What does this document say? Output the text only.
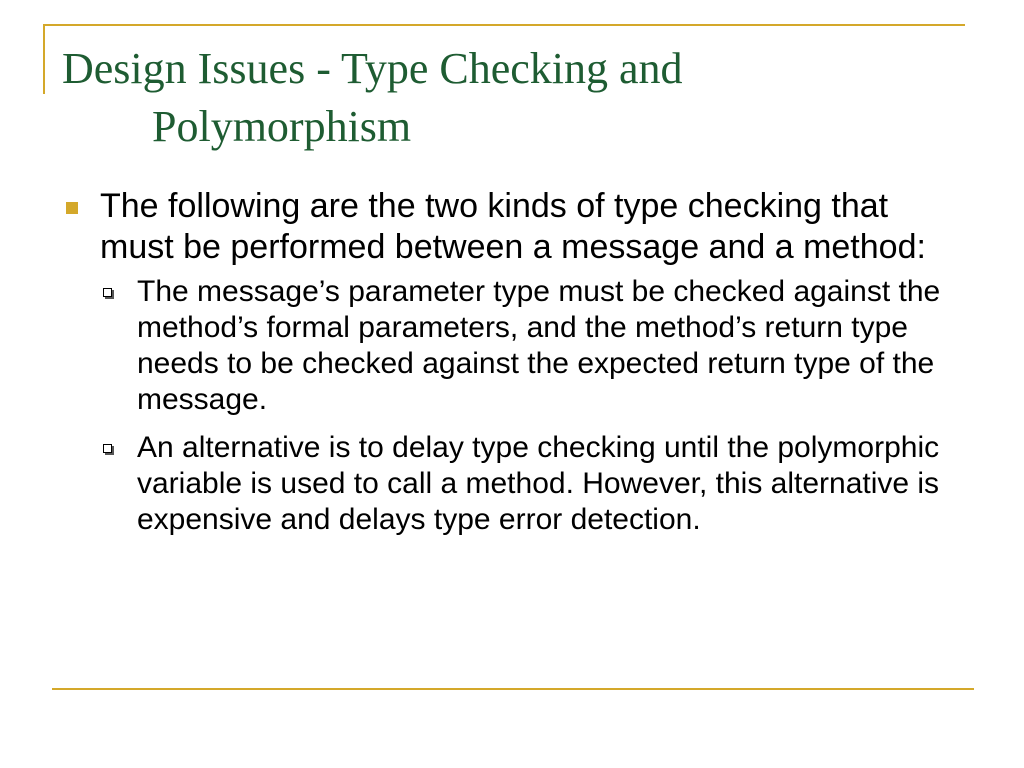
Design Issues - Type Checking and
Polymorphism
The following are the two kinds of type checking that must be performed between a message and a method:
The message’s parameter type must be checked against the method’s formal parameters, and the method’s return type needs to be checked against the expected return type of the message.
An alternative is to delay type checking until the polymorphic variable is used to call a method. However, this alternative is expensive and delays type error detection.
